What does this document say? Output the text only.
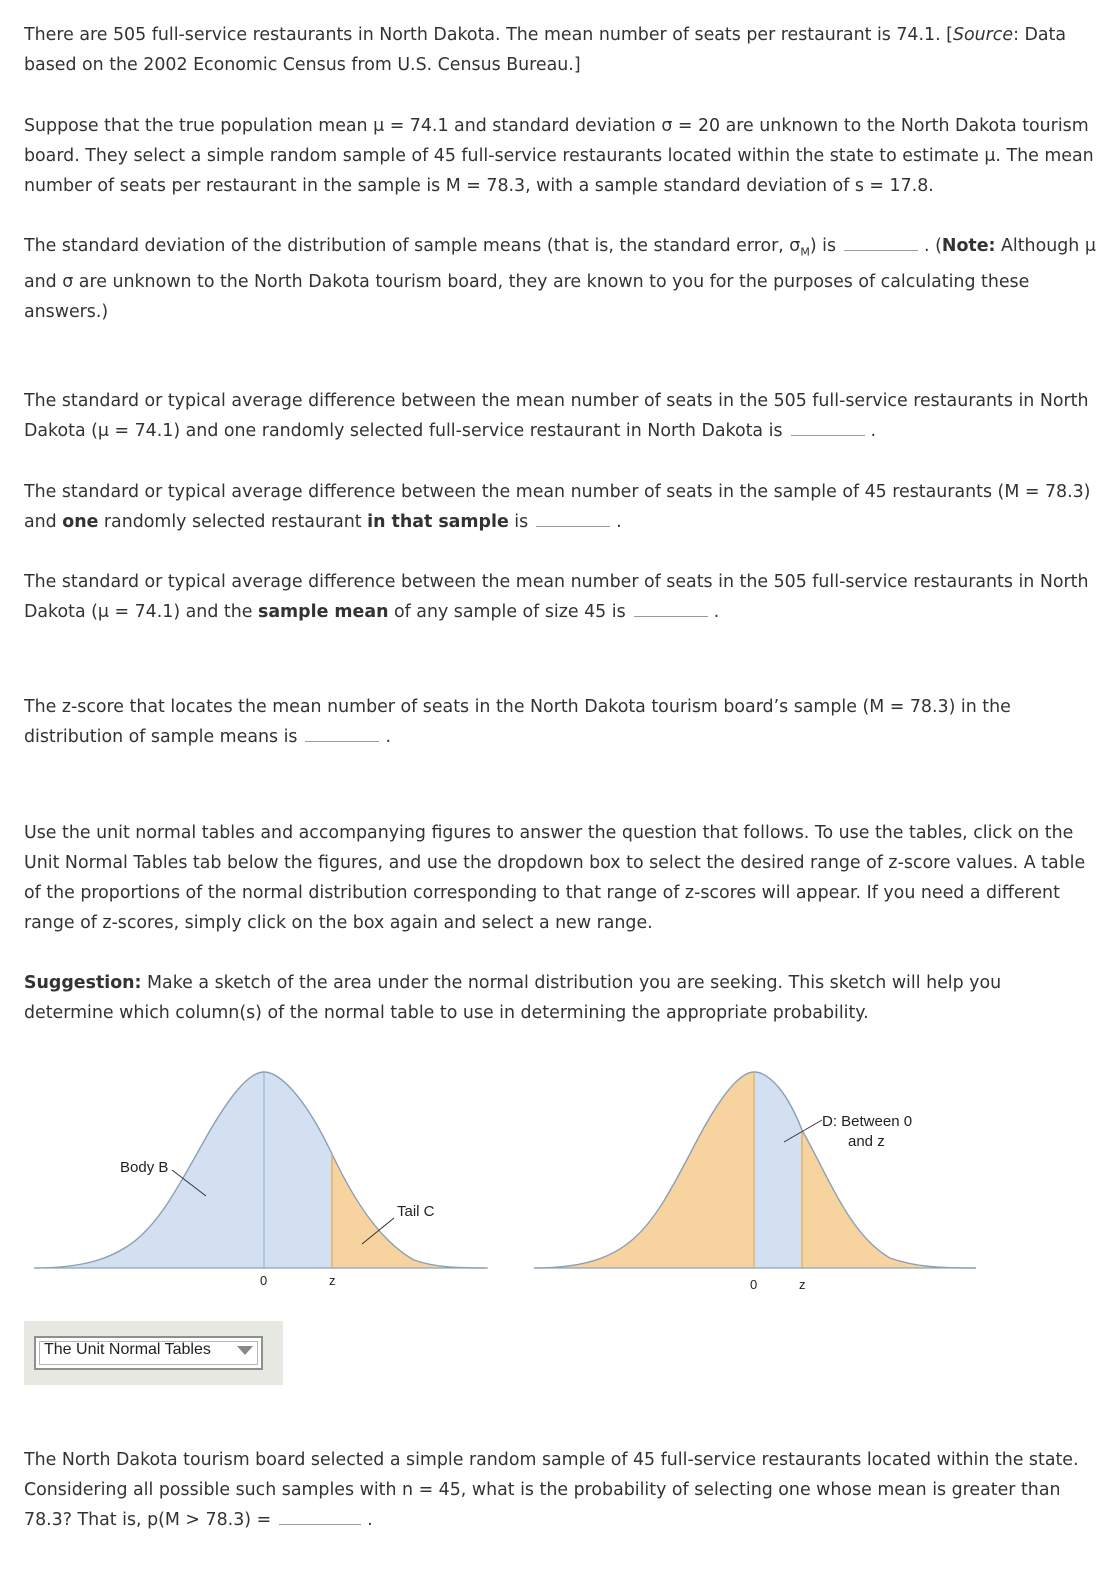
There are 505 full-service restaurants in North Dakota. The mean number of seats per restaurant is 74.1. [Source: Data based on the 2002 Economic Census from U.S. Census Bureau.]

Suppose that the true population mean μ = 74.1 and standard deviation σ = 20 are unknown to the North Dakota tourism board. They select a simple random sample of 45 full-service restaurants located within the state to estimate μ. The mean number of seats per restaurant in the sample is M = 78.3, with a sample standard deviation of s = 17.8.

The standard deviation of the distribution of sample means (that is, the standard error, $\sigma_M$) is	. (Note: Although μ and σ are unknown to the North Dakota tourism board, they are known to you for the purposes of calculating these answers.)

The standard or typical average difference between the mean number of seats in the 505 full-service restaurants in North Dakota (μ = 74.1) and one randomly selected full-service restaurant in North Dakota is	.

The standard or typical average difference between the mean number of seats in the sample of 45 restaurants (M = 78.3) and one randomly selected restaurant in that sample is	.

The standard or typical average difference between the mean number of seats in the 505 full-service restaurants in North Dakota (μ = 74.1) and the sample mean of any sample of size 45 is	.

The z-score that locates the mean number of seats in the North Dakota tourism board’s sample (M = 78.3) in the distribution of sample means is	.

Use the unit normal tables and accompanying figures to answer the question that follows. To use the tables, click on the Unit Normal Tables tab below the figures, and use the dropdown box to select the desired range of z-score values. A table of the proportions of the normal distribution corresponding to that range of z-scores will appear. If you need a different range of z-scores, simply click on the box again and select a new range.

Suggestion: Make a sketch of the area under the normal distribution you are seeking. This sketch will help you determine which column(s) of the normal table to use in determining the appropriate probability.

Body B
Tail C
0	z
D: Between 0
and z
0	z
The Unit Normal Tables

The North Dakota tourism board selected a simple random sample of 45 full-service restaurants located within the state. Considering all possible such samples with n = 45, what is the probability of selecting one whose mean is greater than 78.3? That is, p(M > 78.3) =	.
